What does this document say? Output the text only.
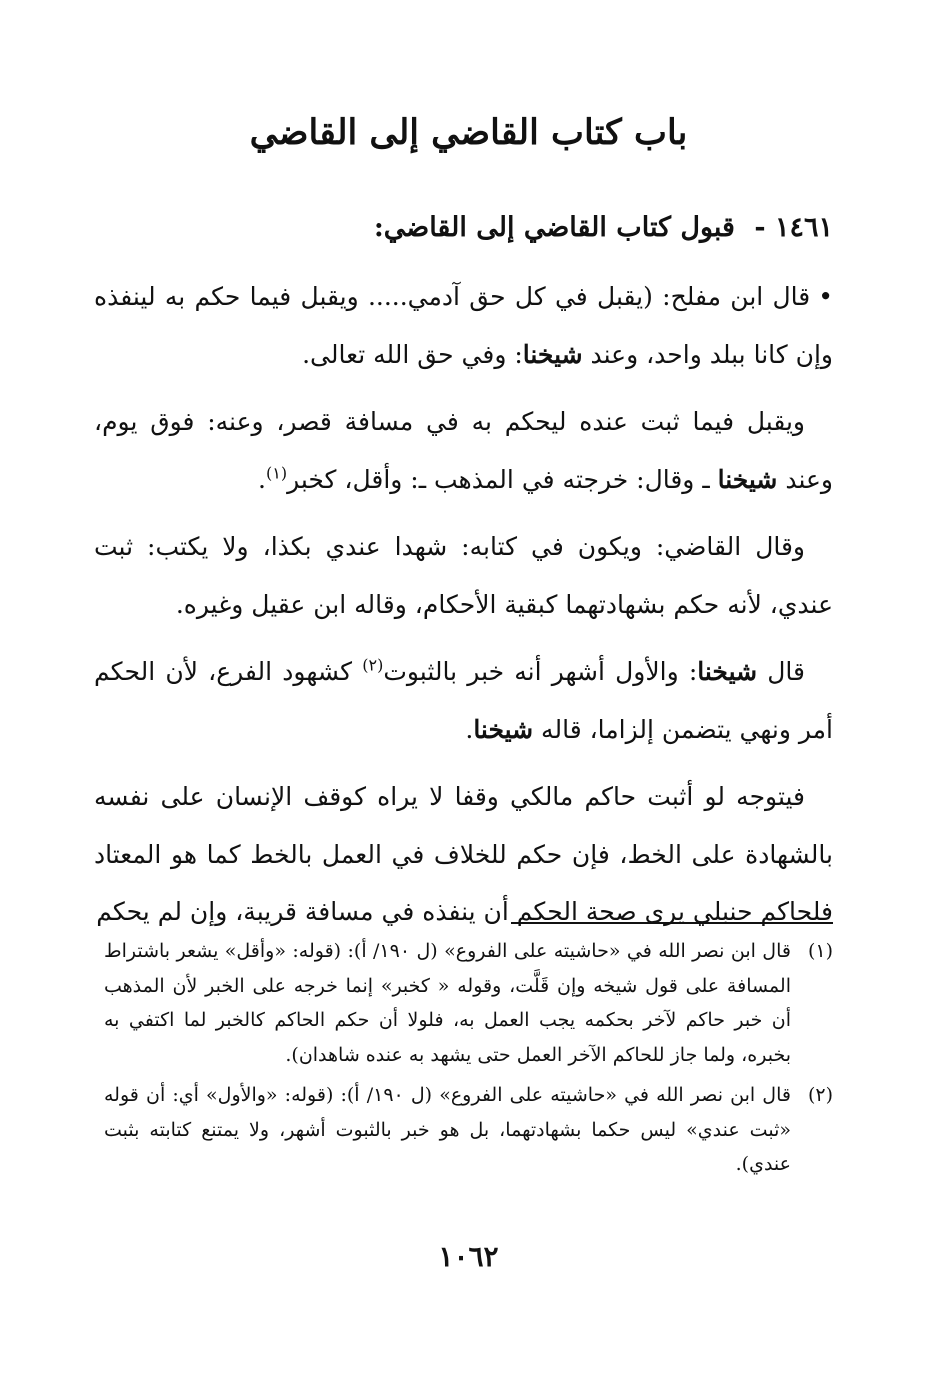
باب كتاب القاضي إلى القاضي
١٤٦١ - قبول كتاب القاضي إلى القاضي:

•قال ابن مفلح: (يقبل في كل حق آدمي..... ويقبل فيما حكم به لينفذه وإن كانا ببلد واحد، وعند شيخنا: وفي حق الله تعالى.

ويقبل فيما ثبت عنده ليحكم به في مسافة قصر، وعنه: فوق يوم، وعند شيخنا ـ وقال: خرجته في المذهب ـ: وأقل، كخبر$^{(١)}$.

وقال القاضي: ويكون في كتابه: شهدا عندي بكذا، ولا يكتب: ثبت عندي، لأنه حكم بشهادتهما كبقية الأحكام، وقاله ابن عقيل وغيره.

قال شيخنا: والأول أشهر أنه خبر بالثبوت$^{(٢)}$ كشهود الفرع، لأن الحكم أمر ونهي يتضمن إلزاما، قاله شيخنا.

فيتوجه لو أثبت حاكم مالكي وقفا لا يراه كوقف الإنسان على نفسه بالشهادة على الخط، فإن حكم للخلاف في العمل بالخط كما هو المعتاد فلحاكم حنبلي يرى صحة الحكم أن ينفذه في مسافة قريبة، وإن لم يحكم

(١)
قال ابن نصر الله في «حاشيته على الفروع» (ل ١٩٠/ أ): (قوله: «وأقل» يشعر باشتراط المسافة على قول شيخه وإن قَلَّت، وقوله « كخبر» إنما خرجه على الخبر لأن المذهب أن خبر حاكم لآخر بحكمه يجب العمل به، فلولا أن حكم الحاكم كالخبر لما اكتفي به بخبره، ولما جاز للحاكم الآخر العمل حتى يشهد به عنده شاهدان).
(٢)
قال ابن نصر الله في «حاشيته على الفروع» (ل ١٩٠/ أ): (قوله: «والأول» أي: أن قوله «ثبت عندي» ليس حكما بشهادتهما، بل هو خبر بالثبوت أشهر، ولا يمتنع كتابته بثبت عندي).
١٠٦٢
